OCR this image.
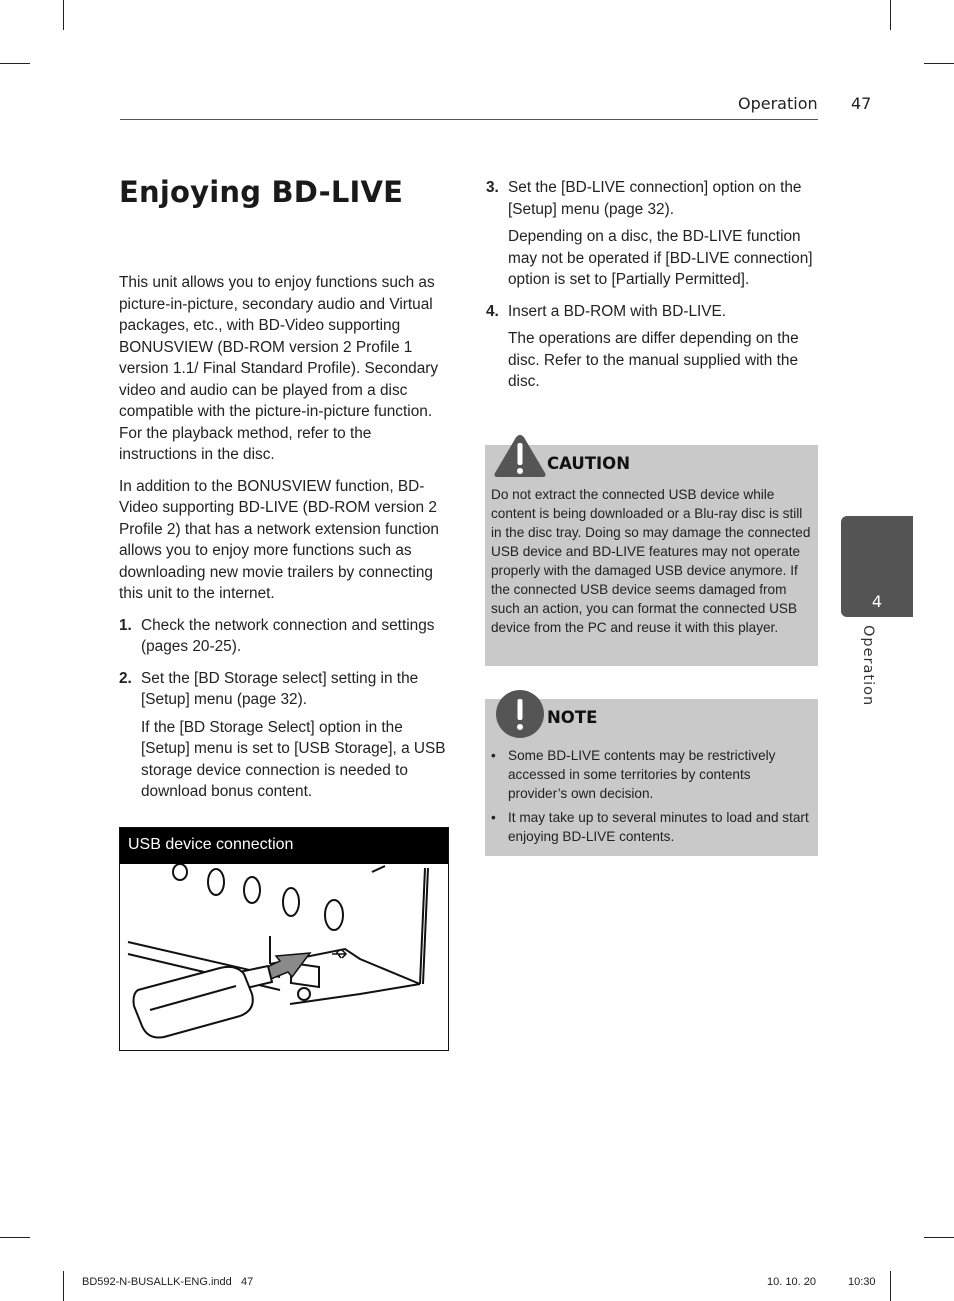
Operation 47
Enjoying BD-LIVE

This unit allows you to enjoy functions such as picture-in-picture, secondary audio and Virtual packages, etc., with BD-Video supporting BONUSVIEW (BD-ROM version 2 Profile 1 version 1.1/ Final Standard Profile). Secondary video and audio can be played from a disc compatible with the picture-in-picture function. For the playback method, refer to the instructions in the disc.

In addition to the BONUSVIEW function, BD-Video supporting BD-LIVE (BD-ROM version 2 Profile 2) that has a network extension function allows you to enjoy more functions such as downloading new movie trailers by connecting this unit to the internet.

1. Check the network connection and settings (pages 20-25).
2. Set the [BD Storage select] setting in the [Setup] menu (page 32).

If the [BD Storage Select] option in the [Setup] menu is set to [USB Storage], a USB storage device connection is needed to download bonus content.

USB device connection
3. Set the [BD-LIVE connection] option on the [Setup] menu (page 32).

Depending on a disc, the BD-LIVE function may not be operated if [BD-LIVE connection] option is set to [Partially Permitted].

4. Insert a BD-ROM with BD-LIVE.

The operations are differ depending on the disc. Refer to the manual supplied with the disc.

CAUTION
Do not extract the connected USB device while content is being downloaded or a Blu-ray disc is still in the disc tray. Doing so may damage the connected USB device and BD-LIVE features may not operate properly with the damaged USB device anymore. If the connected USB device seems damaged from such an action, you can format the connected USB device from the PC and reuse it with this player.
NOTE
• Some BD-LIVE contents may be restrictively accessed in some territories by contents provider’s own decision.
• It may take up to several minutes to load and start enjoying BD-LIVE contents.
4
Operation
BD592-N-BUSALLK-ENG.indd   47	10. 10. 20	10:30
